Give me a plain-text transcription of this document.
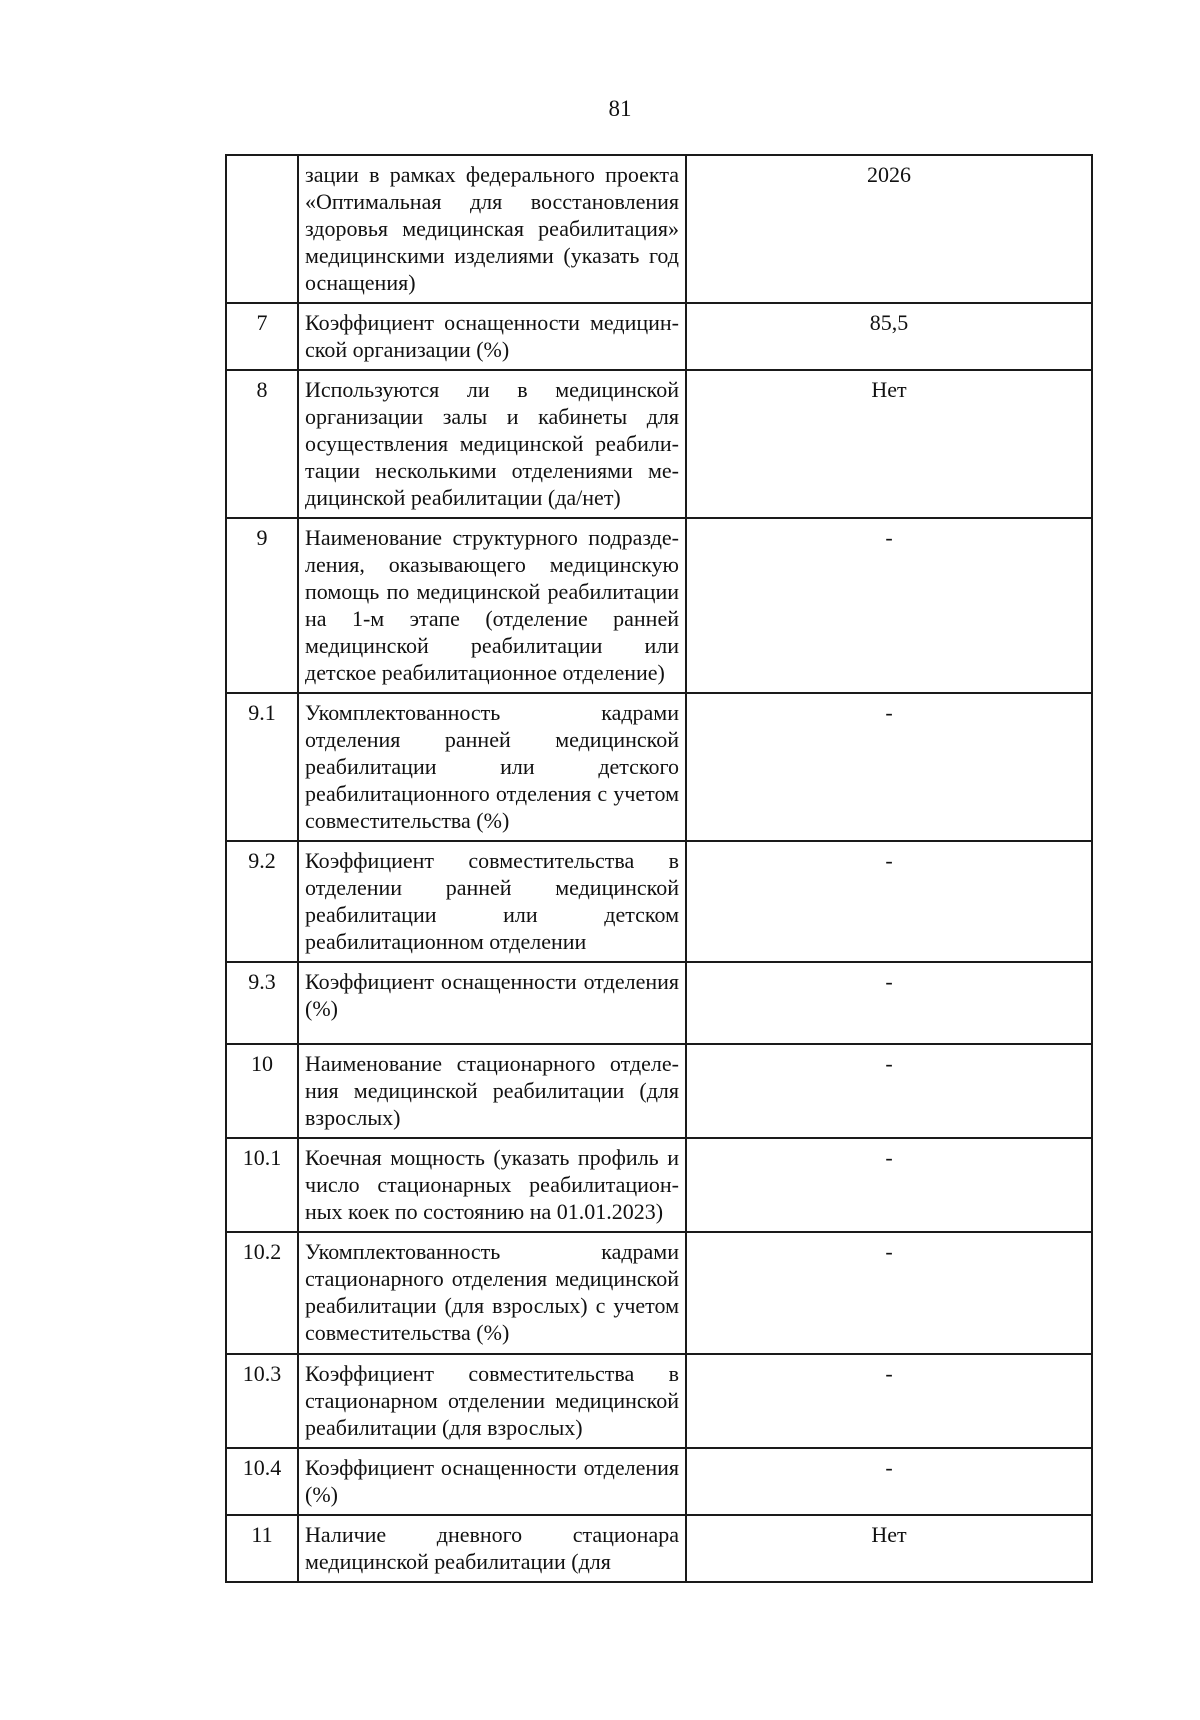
81
	зации в рамках федерального проекта «Оптимальная для восстановления здоровья медицинская реабилитация» медицинскими изделиями (указать год оснащения)	2026
7	Коэффициент оснащенности медицинской организации (%)	85,5
8	Используются ли в медицинской организации залы и кабинеты для осуществления медицинской реабилитации несколькими отделениями медицинской реабилитации (да/нет)	Нет
9	Наименование структурного подразделения, оказывающего медицинскую помощь по медицинской реабилитации на 1-м этапе (отделение ранней медицинской реабилитации или детское реабилитационное отделение)	-
9.1	Укомплектованность кадрами отделения ранней медицинской реабилитации или детского реабилитационного отделения с учетом совместительства (%)	-
9.2	Коэффициент совместительства в отделении ранней медицинской реабилитации или детском реабилитационном отделении	-
9.3	Коэффициент оснащенности отделения (%)	-
10	Наименование стационарного отделения медицинской реабилитации (для взрослых)	-
10.1	Коечная мощность (указать профиль и число стационарных реабилитационных коек по состоянию на 01.01.2023)	-
10.2	Укомплектованность кадрами стационарного отделения медицинской реабилитации (для взрослых) с учетом совместительства (%)	-
10.3	Коэффициент совместительства в стационарном отделении медицинской реабилитации (для взрослых)	-
10.4	Коэффициент оснащенности отделения (%)	-
11	Наличие дневного стационара медицинской реабилитации (для	Нет
